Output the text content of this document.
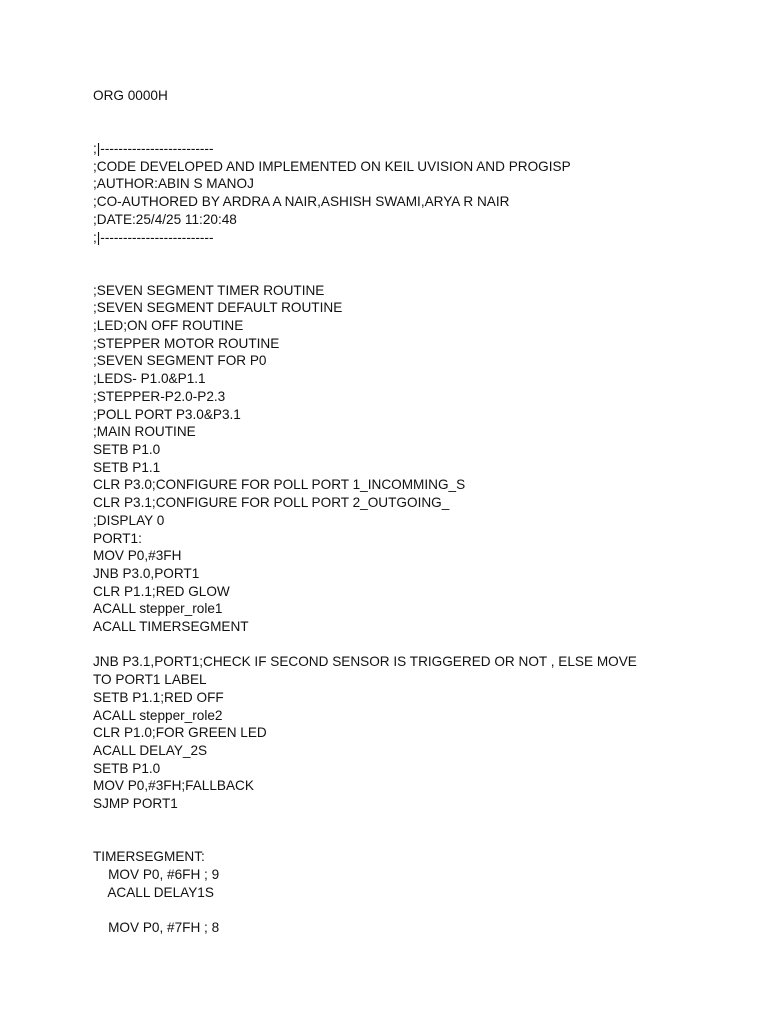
ORG 0000H
;|-------------------------
;CODE DEVELOPED AND IMPLEMENTED ON KEIL UVISION AND PROGISP
;AUTHOR:ABIN S MANOJ
;CO-AUTHORED BY ARDRA A NAIR,ASHISH SWAMI,ARYA R NAIR
;DATE:25/4/25 11:20:48
;|-------------------------
;SEVEN SEGMENT TIMER ROUTINE
;SEVEN SEGMENT DEFAULT ROUTINE
;LED;ON OFF ROUTINE
;STEPPER MOTOR ROUTINE
;SEVEN SEGMENT FOR P0
;LEDS- P1.0&P1.1
;STEPPER-P2.0-P2.3
;POLL PORT P3.0&P3.1
;MAIN ROUTINE
SETB P1.0
SETB P1.1
CLR P3.0;CONFIGURE FOR POLL PORT 1_INCOMMING_S
CLR P3.1;CONFIGURE FOR POLL PORT 2_OUTGOING_
;DISPLAY 0
PORT1:
MOV P0,#3FH
JNB P3.0,PORT1
CLR P1.1;RED GLOW
ACALL stepper_role1
ACALL TIMERSEGMENT
JNB P3.1,PORT1;CHECK IF SECOND SENSOR IS TRIGGERED OR NOT , ELSE MOVE
TO PORT1 LABEL
SETB P1.1;RED OFF
ACALL stepper_role2
CLR P1.0;FOR GREEN LED
ACALL DELAY_2S
SETB P1.0
MOV P0,#3FH;FALLBACK
SJMP PORT1
TIMERSEGMENT:
MOV P0, #6FH ; 9
ACALL DELAY1S
MOV P0, #7FH ; 8
